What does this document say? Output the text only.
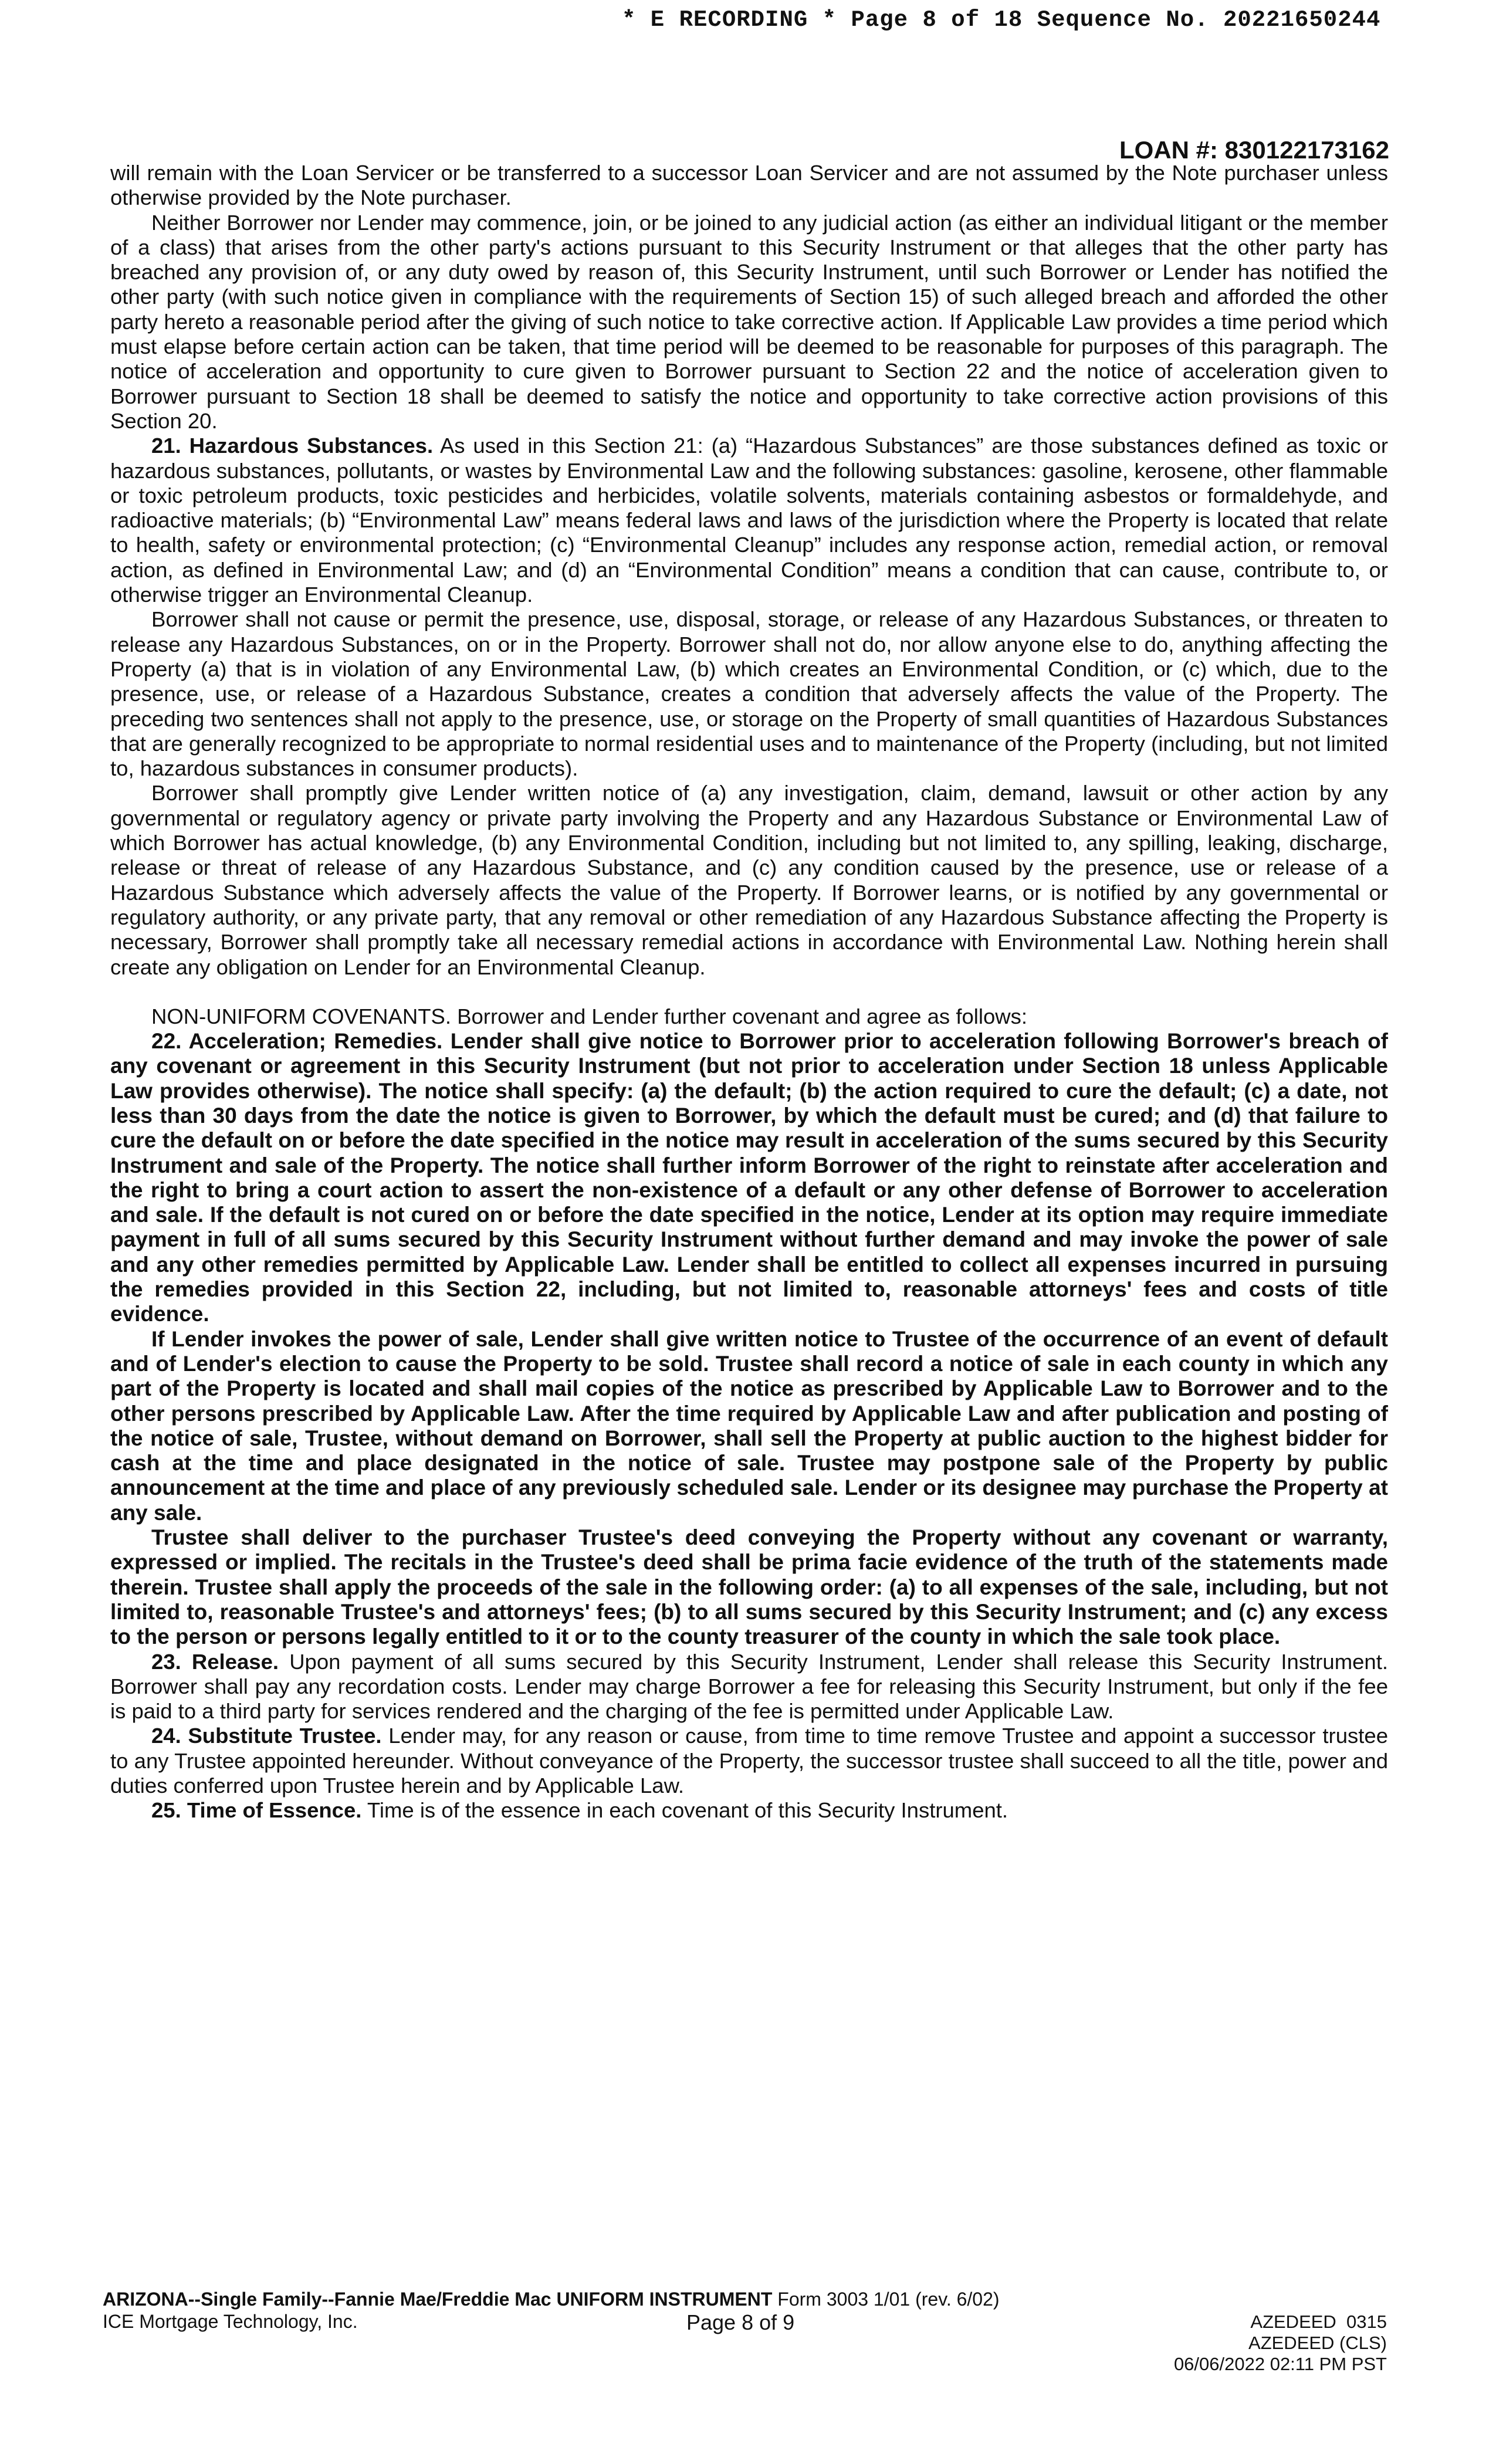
* E RECORDING * Page 8 of 18 Sequence No. 20221650244
LOAN #: 830122173162

will remain with the Loan Servicer or be transferred to a successor Loan Servicer and are not assumed by the Note purchaser unless otherwise provided by the Note purchaser.

Neither Borrower nor Lender may commence, join, or be joined to any judicial action (as either an individual litigant or the member of a class) that arises from the other party's actions pursuant to this Security Instrument or that alleges that the other party has breached any provision of, or any duty owed by reason of, this Security Instrument, until such Borrower or Lender has notified the other party (with such notice given in compliance with the requirements of Section 15) of such alleged breach and afforded the other party hereto a reasonable period after the giving of such notice to take corrective action. If Applicable Law provides a time period which must elapse before certain action can be taken, that time period will be deemed to be reasonable for purposes of this paragraph. The notice of acceleration and opportunity to cure given to Borrower pursuant to Section 22 and the notice of acceleration given to Borrower pursuant to Section 18 shall be deemed to satisfy the notice and opportunity to take corrective action provisions of this Section 20.

21. Hazardous Substances. As used in this Section 21: (a) “Hazardous Substances” are those substances defined as toxic or hazardous substances, pollutants, or wastes by Environmental Law and the following substances: gasoline, kerosene, other flammable or toxic petroleum products, toxic pesticides and herbicides, volatile solvents, materials containing asbestos or formaldehyde, and radioactive materials; (b) “Environmental Law” means federal laws and laws of the jurisdiction where the Property is located that relate to health, safety or environmental protection; (c) “Environmental Cleanup” includes any response action, remedial action, or removal action, as defined in Environmental Law; and (d) an “Environmental Condition” means a condition that can cause, contribute to, or otherwise trigger an Environmental Cleanup.

Borrower shall not cause or permit the presence, use, disposal, storage, or release of any Hazardous Substances, or threaten to release any Hazardous Substances, on or in the Property. Borrower shall not do, nor allow anyone else to do, anything affecting the Property (a) that is in violation of any Environmental Law, (b) which creates an Environmental Condition, or (c) which, due to the presence, use, or release of a Hazardous Substance, creates a condition that adversely affects the value of the Property. The preceding two sentences shall not apply to the presence, use, or storage on the Property of small quantities of Hazardous Substances that are generally recognized to be appropriate to normal residential uses and to maintenance of the Property (including, but not limited to, hazardous substances in consumer products).

Borrower shall promptly give Lender written notice of (a) any investigation, claim, demand, lawsuit or other action by any governmental or regulatory agency or private party involving the Property and any Hazardous Substance or Environmental Law of which Borrower has actual knowledge, (b) any Environmental Condition, including but not limited to, any spilling, leaking, discharge, release or threat of release of any Hazardous Substance, and (c) any condition caused by the presence, use or release of a Hazardous Substance which adversely affects the value of the Property. If Borrower learns, or is notified by any governmental or regulatory authority, or any private party, that any removal or other remediation of any Hazardous Substance affecting the Property is necessary, Borrower shall promptly take all necessary remedial actions in accordance with Environmental Law. Nothing herein shall create any obligation on Lender for an Environmental Cleanup.

NON-UNIFORM COVENANTS. Borrower and Lender further covenant and agree as follows:

22. Acceleration; Remedies. Lender shall give notice to Borrower prior to acceleration following Borrower's breach of any covenant or agreement in this Security Instrument (but not prior to acceleration under Section 18 unless Applicable Law provides otherwise). The notice shall specify: (a) the default; (b) the action required to cure the default; (c) a date, not less than 30 days from the date the notice is given to Borrower, by which the default must be cured; and (d) that failure to cure the default on or before the date specified in the notice may result in acceleration of the sums secured by this Security Instrument and sale of the Property. The notice shall further inform Borrower of the right to reinstate after acceleration and the right to bring a court action to assert the non-existence of a default or any other defense of Borrower to acceleration and sale. If the default is not cured on or before the date specified in the notice, Lender at its option may require immediate payment in full of all sums secured by this Security Instrument without further demand and may invoke the power of sale and any other remedies permitted by Applicable Law. Lender shall be entitled to collect all expenses incurred in pursuing the remedies provided in this Section 22, including, but not limited to, reasonable attorneys' fees and costs of title evidence.

If Lender invokes the power of sale, Lender shall give written notice to Trustee of the occurrence of an event of default and of Lender's election to cause the Property to be sold. Trustee shall record a notice of sale in each county in which any part of the Property is located and shall mail copies of the notice as prescribed by Applicable Law to Borrower and to the other persons prescribed by Applicable Law. After the time required by Applicable Law and after publication and posting of the notice of sale, Trustee, without demand on Borrower, shall sell the Property at public auction to the highest bidder for cash at the time and place designated in the notice of sale. Trustee may postpone sale of the Property by public announcement at the time and place of any previously scheduled sale. Lender or its designee may purchase the Property at any sale.

Trustee shall deliver to the purchaser Trustee's deed conveying the Property without any covenant or warranty, expressed or implied. The recitals in the Trustee's deed shall be prima facie evidence of the truth of the statements made therein. Trustee shall apply the proceeds of the sale in the following order: (a) to all expenses of the sale, including, but not limited to, reasonable Trustee's and attorneys' fees; (b) to all sums secured by this Security Instrument; and (c) any excess to the person or persons legally entitled to it or to the county treasurer of the county in which the sale took place.

23. Release. Upon payment of all sums secured by this Security Instrument, Lender shall release this Security Instrument. Borrower shall pay any recordation costs. Lender may charge Borrower a fee for releasing this Security Instrument, but only if the fee is paid to a third party for services rendered and the charging of the fee is permitted under Applicable Law.

24. Substitute Trustee. Lender may, for any reason or cause, from time to time remove Trustee and appoint a successor trustee to any Trustee appointed hereunder. Without conveyance of the Property, the successor trustee shall succeed to all the title, power and duties conferred upon Trustee herein and by Applicable Law.

25. Time of Essence. Time is of the essence in each covenant of this Security Instrument.

ARIZONA--Single Family--Fannie Mae/Freddie Mac UNIFORM INSTRUMENT Form 3003 1/01 (rev. 6/02)
ICE Mortgage Technology, Inc.	Page 8 of 9	AZEDEED  0315
AZEDEED (CLS)
06/06/2022 02:11 PM PST
